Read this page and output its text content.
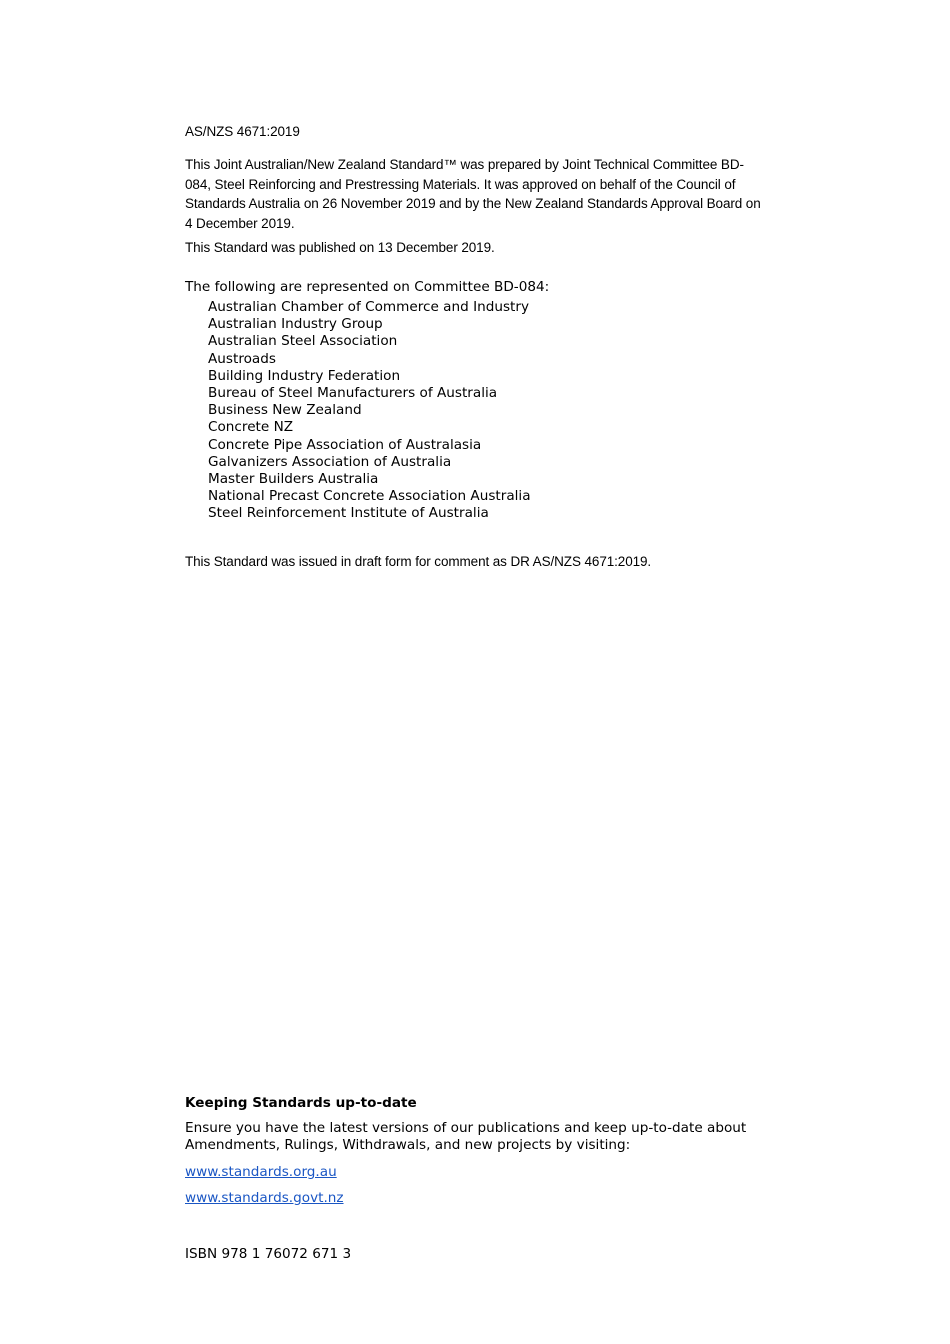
AS/NZS 4671:2019

This Joint Australian/New Zealand Standard™ was prepared by Joint Technical Committee BD-084, Steel Reinforcing and Prestressing Materials. It was approved on behalf of the Council of Standards Australia on 26 November 2019 and by the New Zealand Standards Approval Board on 4 December 2019.

This Standard was published on 13 December 2019.

The following are represented on Committee BD-084:

Australian Chamber of Commerce and Industry
Australian Industry Group
Australian Steel Association
Austroads
Building Industry Federation
Bureau of Steel Manufacturers of Australia
Business New Zealand
Concrete NZ
Concrete Pipe Association of Australasia
Galvanizers Association of Australia
Master Builders Australia
National Precast Concrete Association Australia
Steel Reinforcement Institute of Australia

This Standard was issued in draft form for comment as DR AS/NZS 4671:2019.

Keeping Standards up-to-date

Ensure you have the latest versions of our publications and keep up-to-date about Amendments, Rulings, Withdrawals, and new projects by visiting:

www.standards.org.au
www.standards.govt.nz

ISBN 978 1 76072 671 3
